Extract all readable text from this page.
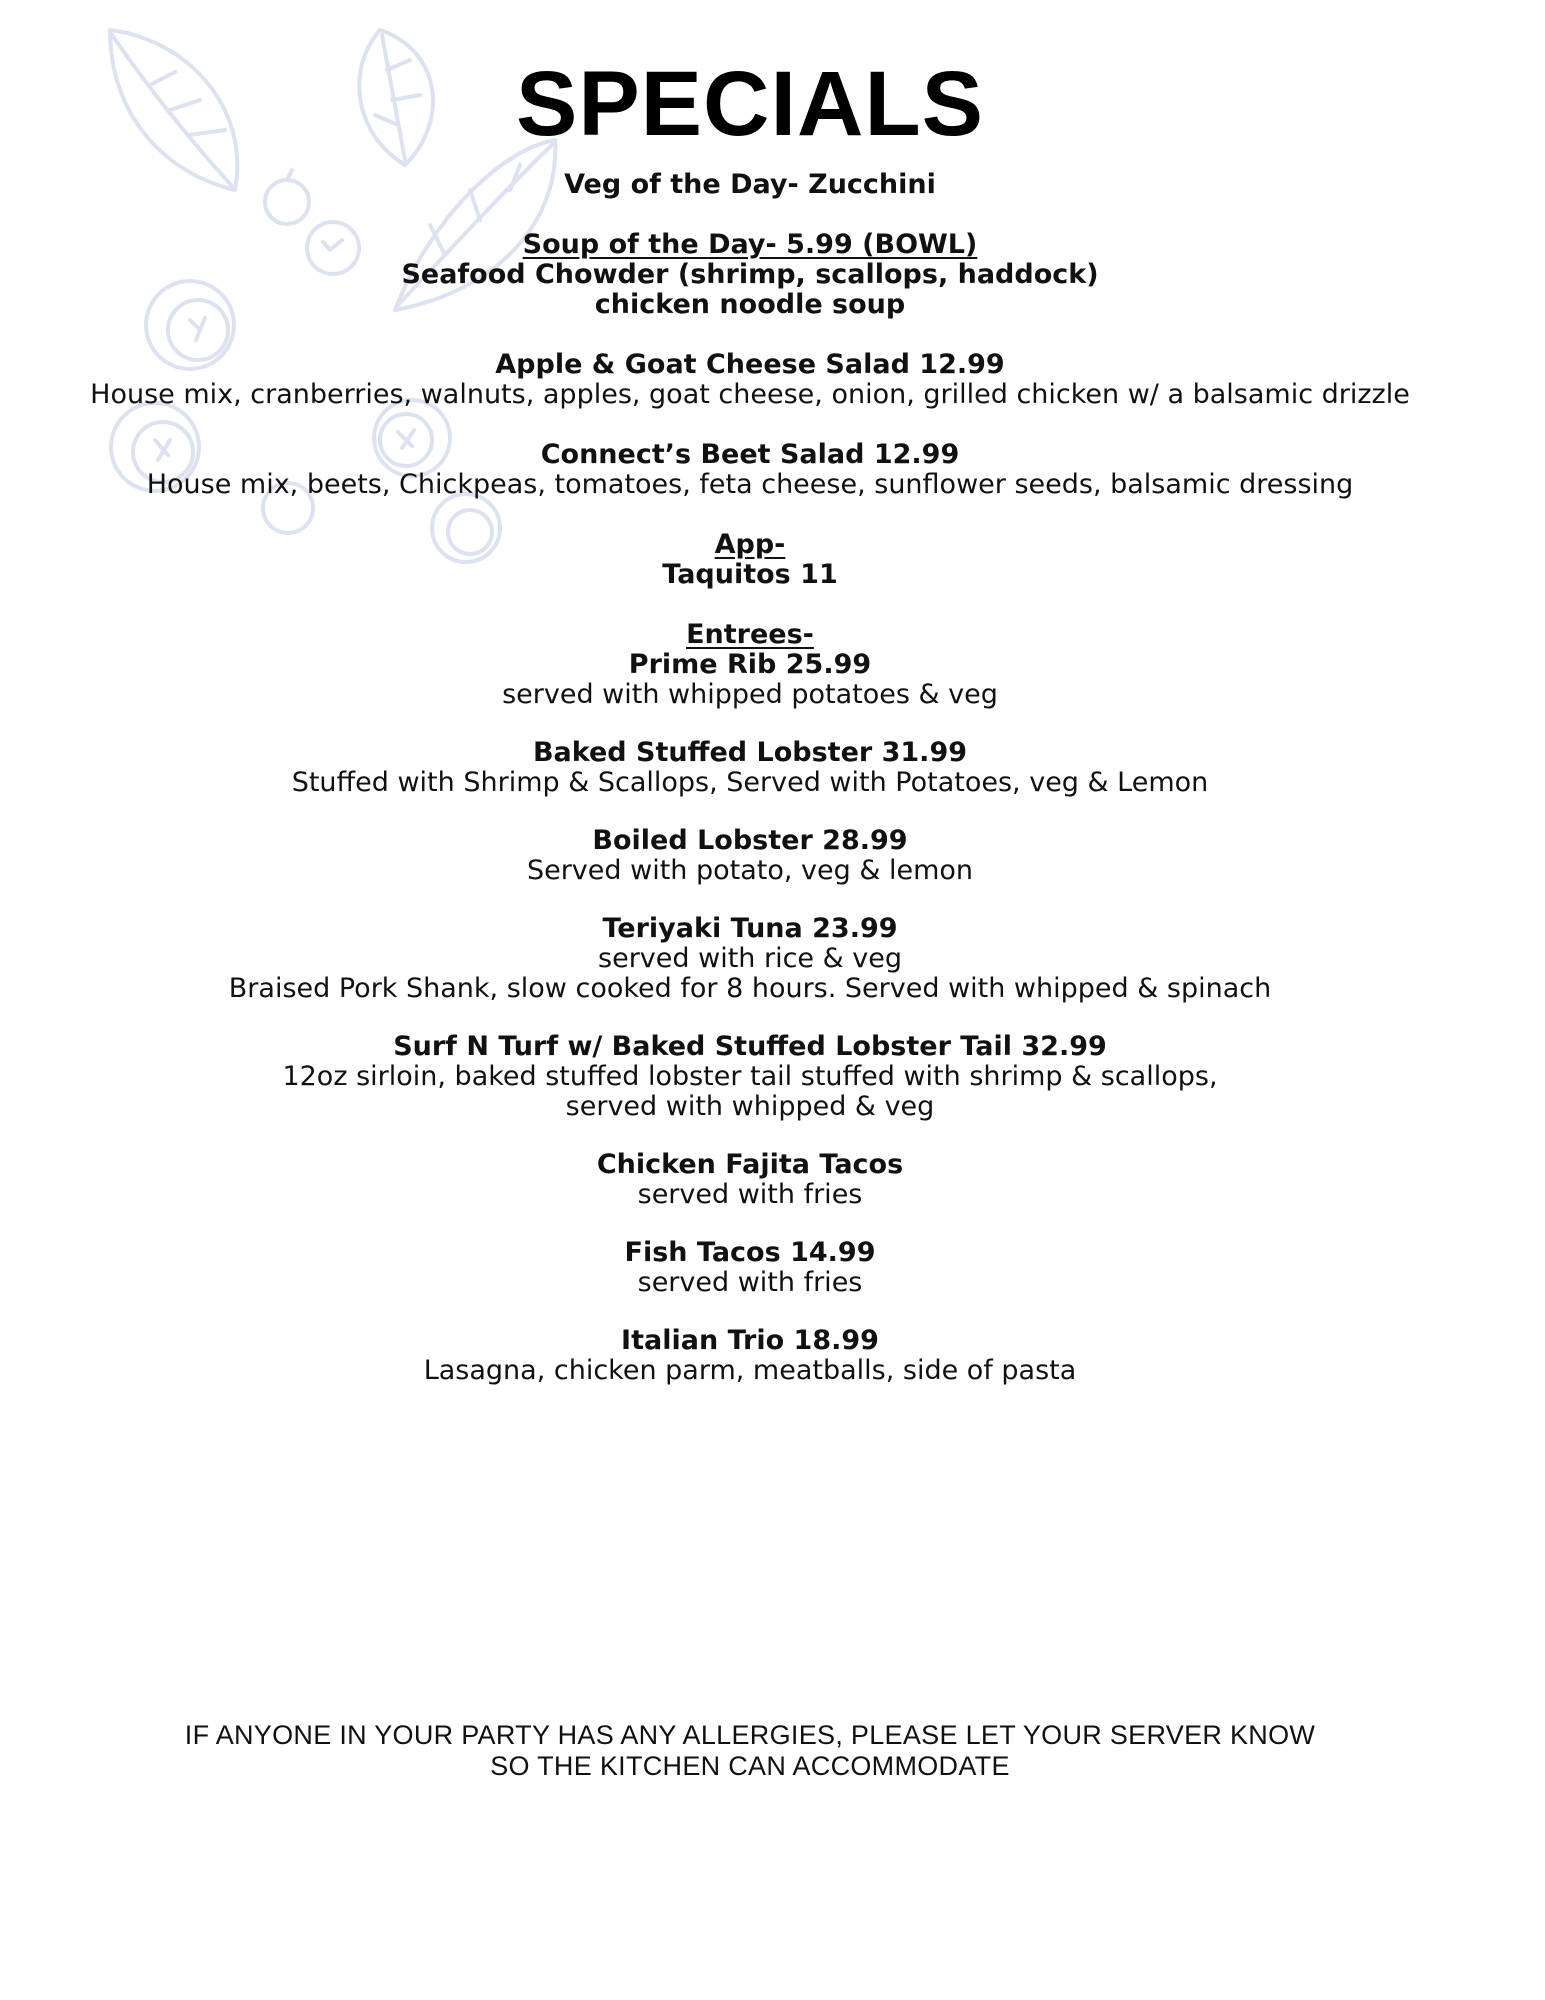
SPECIALS
Veg of the Day- Zucchini
Soup of the Day- 5.99 (BOWL)
Seafood Chowder (shrimp, scallops, haddock)
chicken noodle soup
Apple & Goat Cheese Salad 12.99
House mix, cranberries, walnuts, apples, goat cheese, onion, grilled chicken w/ a balsamic drizzle
Connect’s Beet Salad 12.99
House mix, beets, Chickpeas, tomatoes, feta cheese, sunflower seeds, balsamic dressing
App-
Taquitos 11
Entrees-
Prime Rib 25.99
served with whipped potatoes & veg
Baked Stuffed Lobster 31.99
Stuffed with Shrimp & Scallops, Served with Potatoes, veg & Lemon
Boiled Lobster 28.99
Served with potato, veg & lemon
Teriyaki Tuna 23.99
served with rice & veg
Braised Pork Shank, slow cooked for 8 hours. Served with whipped & spinach
Surf N Turf w/ Baked Stuffed Lobster Tail 32.99
12oz sirloin, baked stuffed lobster tail stuffed with shrimp & scallops,
served with whipped & veg
Chicken Fajita Tacos
served with fries
Fish Tacos 14.99
served with fries
Italian Trio 18.99
Lasagna, chicken parm, meatballs, side of pasta
IF ANYONE IN YOUR PARTY HAS ANY ALLERGIES, PLEASE LET YOUR SERVER KNOW
SO THE KITCHEN CAN ACCOMMODATE
